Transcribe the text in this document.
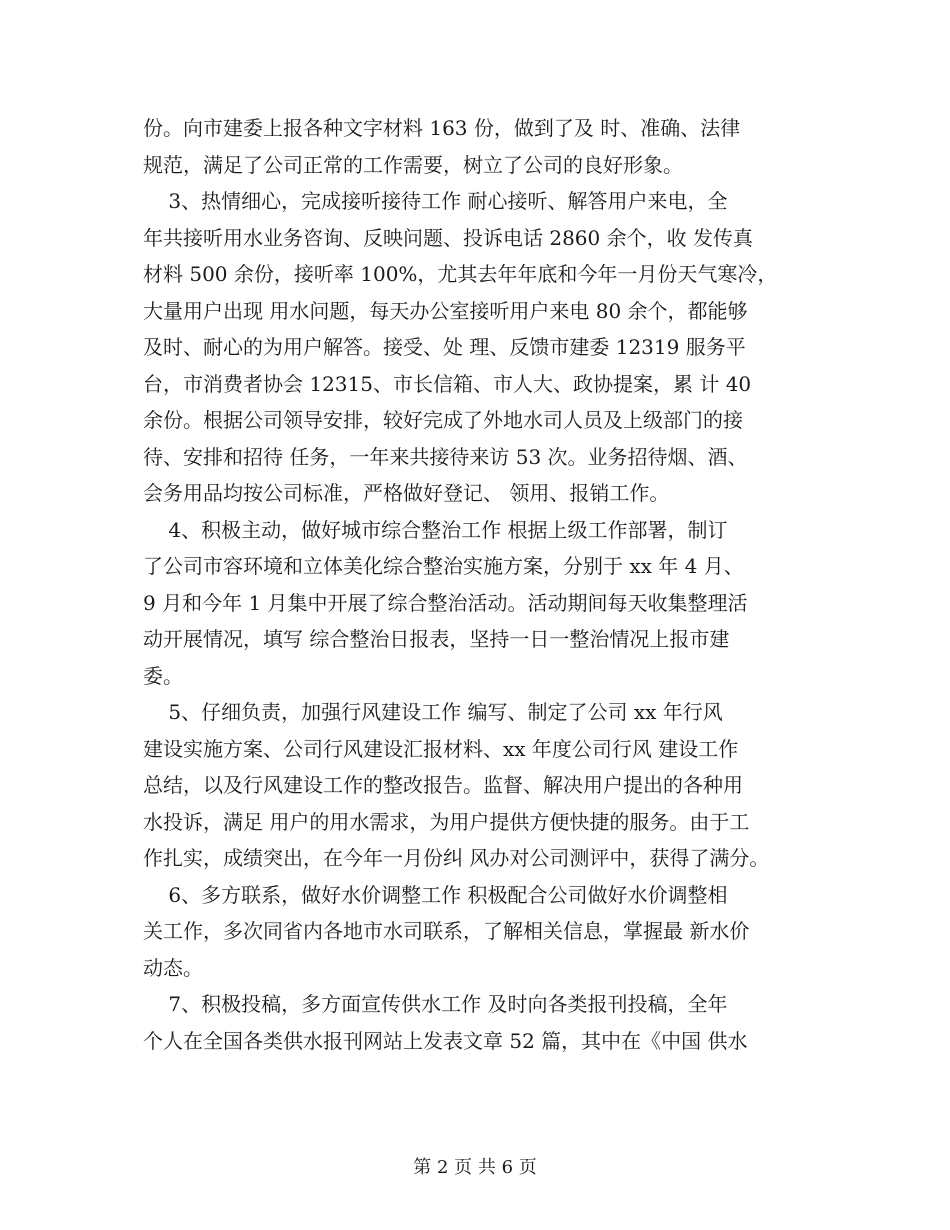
份。向市建委上报各种文字材料 163 份，做到了及 时、准确、法律
规范，满足了公司正常的工作需要，树立了公司的良好形象。
3、热情细心，完成接听接待工作 耐心接听、解答用户来电，全
年共接听用水业务咨询、反映问题、投诉电话 2860 余个，收 发传真
材料 500 余份，接听率 100%，尤其去年年底和今年一月份天气寒冷，
大量用户出现 用水问题，每天办公室接听用户来电 80 余个，都能够
及时、耐心的为用户解答。接受、处 理、反馈市建委 12319 服务平
台，市消费者协会 12315、市长信箱、市人大、政协提案，累 计 40
余份。根据公司领导安排，较好完成了外地水司人员及上级部门的接
待、安排和招待 任务，一年来共接待来访 53 次。业务招待烟、酒、
会务用品均按公司标准，严格做好登记、 领用、报销工作。
4、积极主动，做好城市综合整治工作 根据上级工作部署，制订
了公司市容环境和立体美化综合整治实施方案，分别于 xx 年 4 月、
9 月和今年 1 月集中开展了综合整治活动。活动期间每天收集整理活
动开展情况，填写 综合整治日报表，坚持一日一整治情况上报市建
委。
5、仔细负责，加强行风建设工作 编写、制定了公司 xx 年行风
建设实施方案、公司行风建设汇报材料、xx 年度公司行风 建设工作
总结，以及行风建设工作的整改报告。监督、解决用户提出的各种用
水投诉，满足 用户的用水需求，为用户提供方便快捷的服务。由于工
作扎实，成绩突出，在今年一月份纠 风办对公司测评中，获得了满分。
6、多方联系，做好水价调整工作 积极配合公司做好水价调整相
关工作，多次同省内各地市水司联系，了解相关信息，掌握最 新水价
动态。
7、积极投稿，多方面宣传供水工作 及时向各类报刊投稿，全年
个人在全国各类供水报刊网站上发表文章 52 篇，其中在《中国 供水
第 2 页 共 6 页
